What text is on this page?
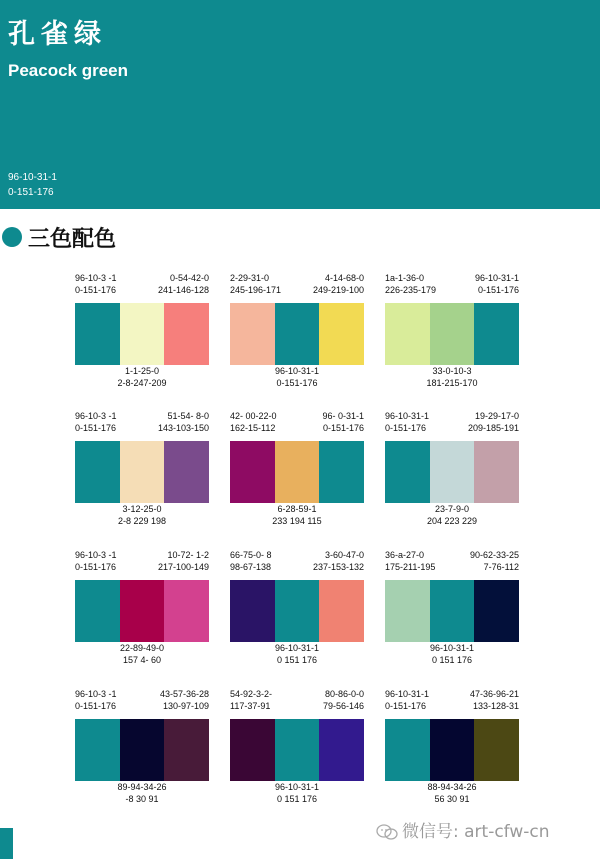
孔雀绿
Peacock green
96-10-31-1
0-151-176
三色配色
96-10-3 -1
0-151-176
0-54-42-0
241-146-128
1-1-25-0
2-8-247-209
2-29-31-0
245-196-171
4-14-68-0
249-219-100
96-10-31-1
0-151-176
1a-1-36-0
226-235-179
96-10-31-1
0-151-176
33-0-10-3
181-215-170
96-10-3 -1
0-151-176
51-54- 8-0
143-103-150
3-12-25-0
2-8 229 198
42- 00-22-0
162-15-112
96- 0-31-1
0-151-176
6-28-59-1
233 194 115
96-10-31-1
0-151-176
19-29-17-0
209-185-191
23-7-9-0
204 223 229
96-10-3 -1
0-151-176
10-72- 1-2
217-100-149
22-89-49-0
157 4- 60
66-75-0- 8
98-67-138
3-60-47-0
237-153-132
96-10-31-1
0 151 176
36-a-27-0
175-211-195
90-62-33-25
7-76-112
96-10-31-1
0 151 176
96-10-3 -1
0-151-176
43-57-36-28
130-97-109
89-94-34-26
-8 30 91
54-92-3-2-
117-37-91
80-86-0-0
79-56-146
96-10-31-1
0 151 176
96-10-31-1
0-151-176
47-36-96-21
133-128-31
88-94-34-26
56 30 91
微信号: art-cfw-cn
